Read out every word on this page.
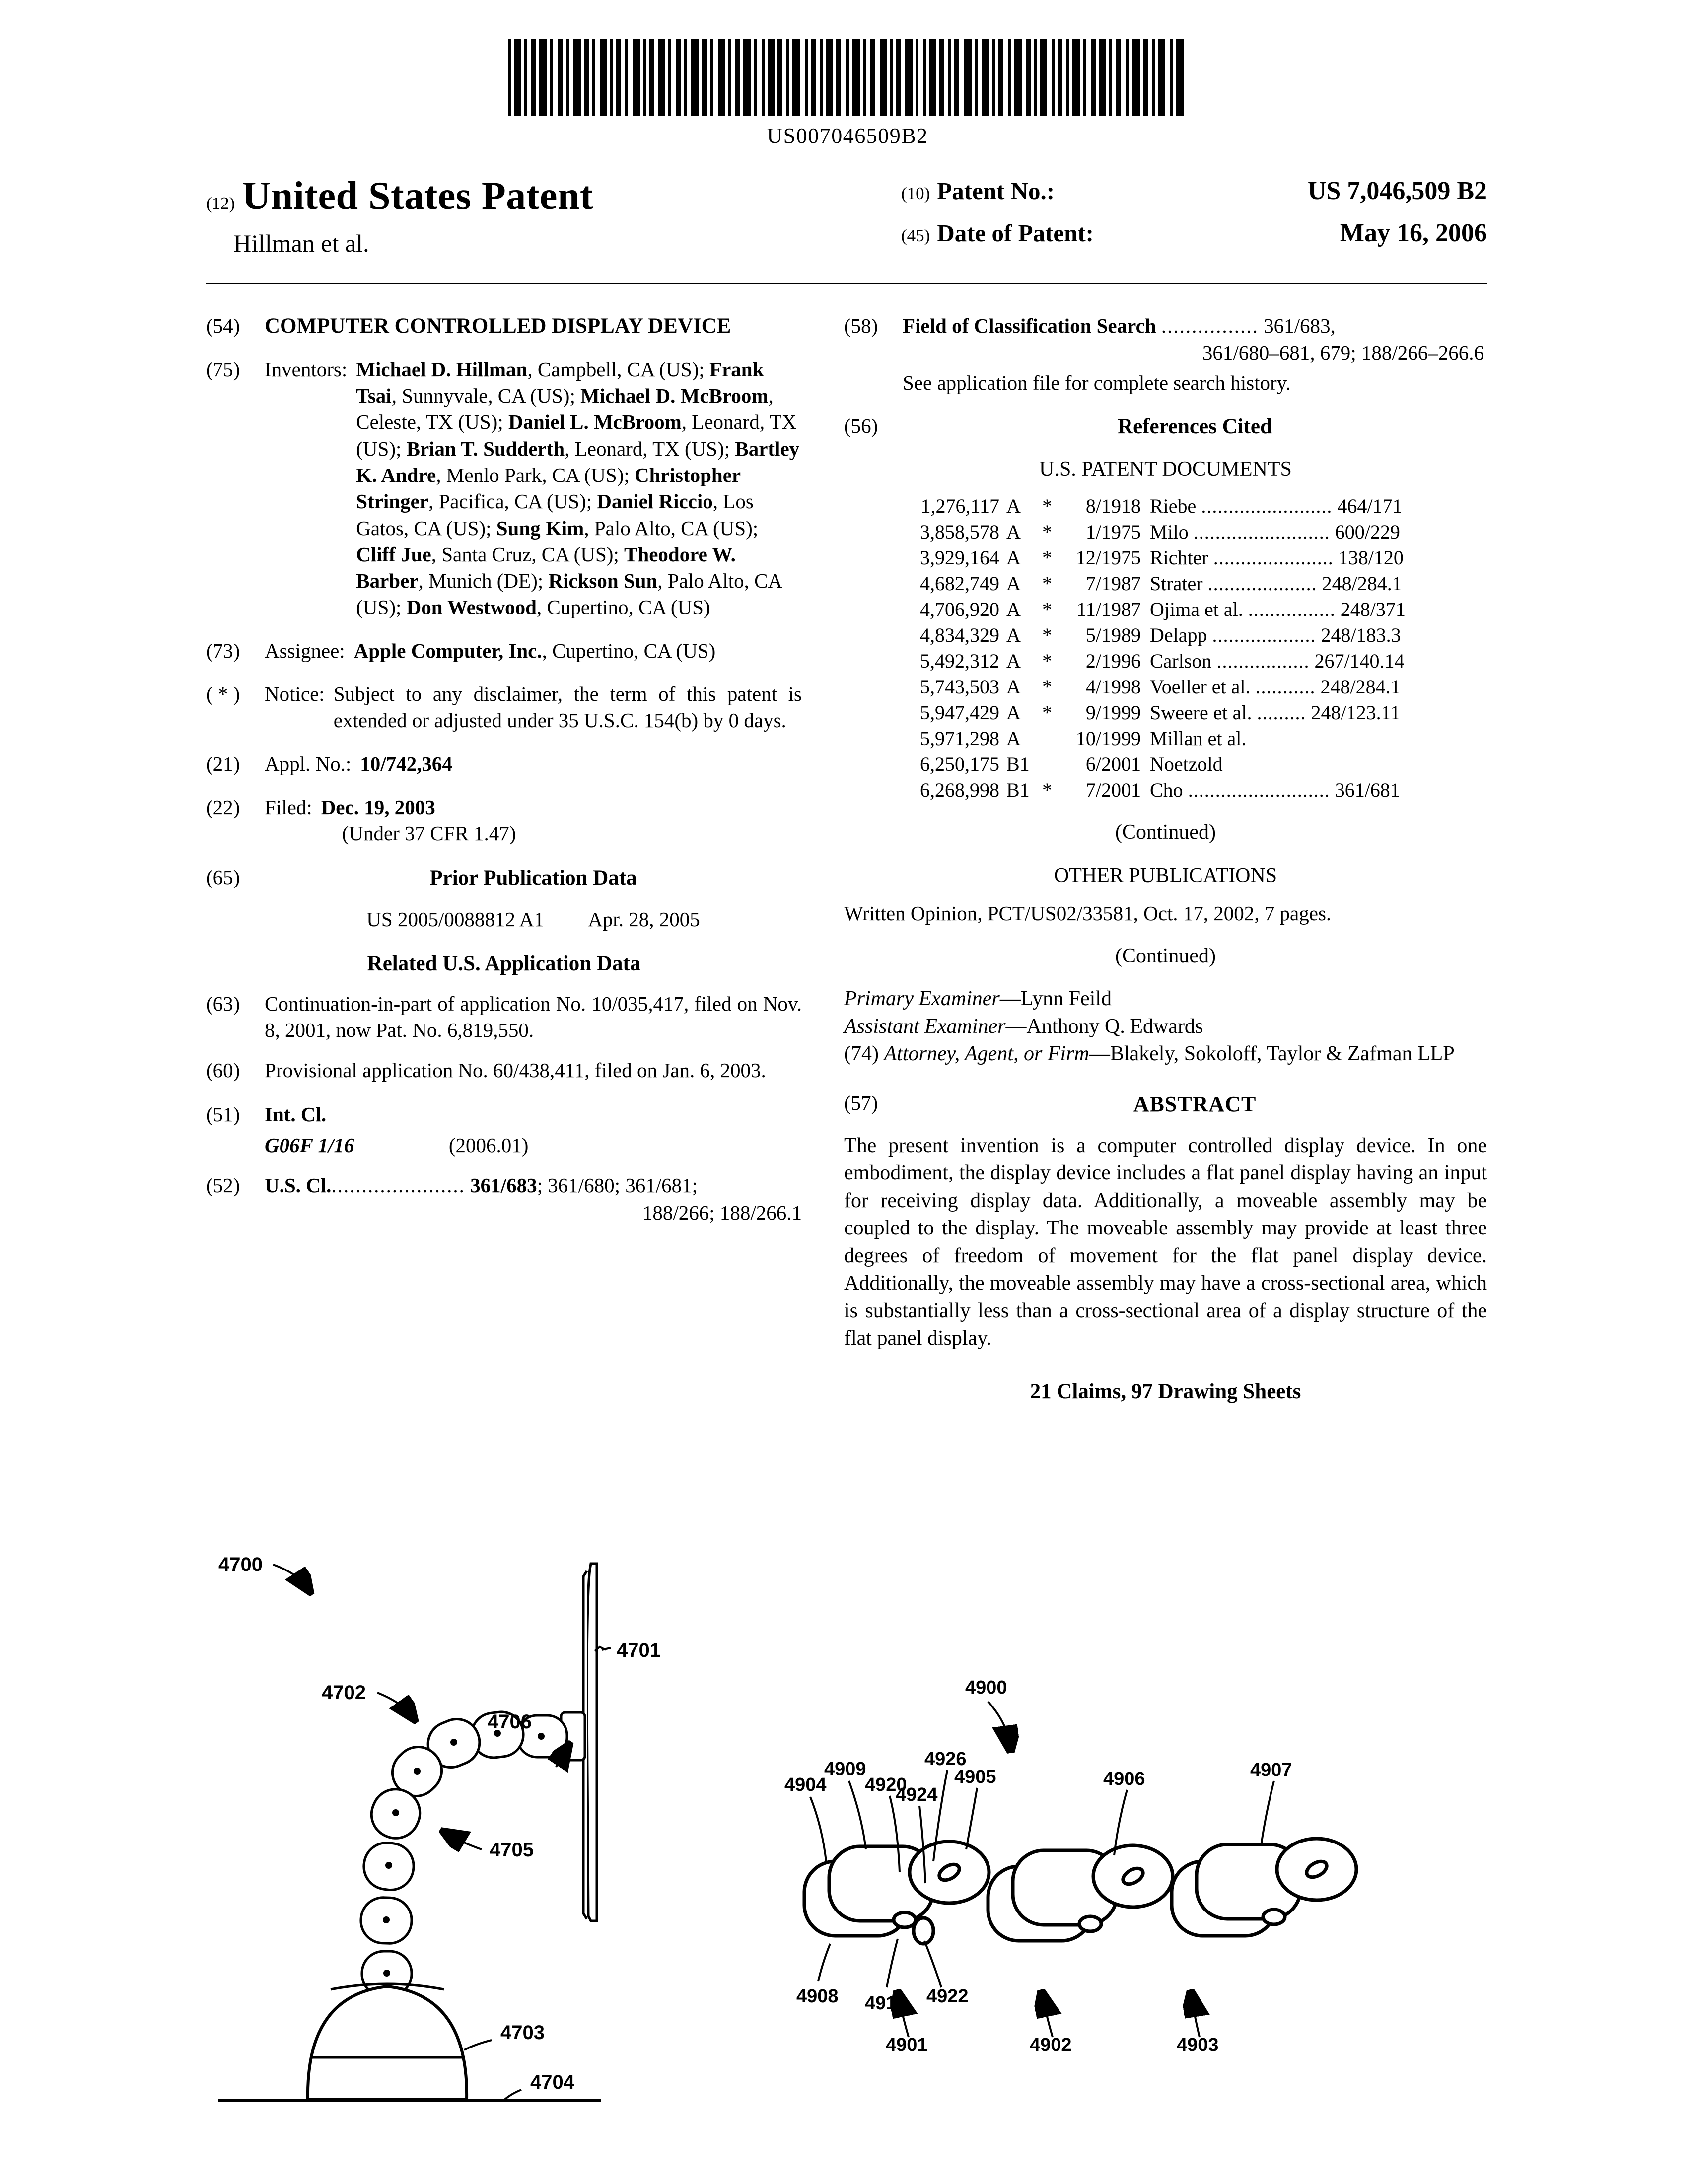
US007046509B2
(12) United States Patent
Hillman et al.
(10) Patent No.:	US 7,046,509 B2
(45) Date of Patent:	May 16, 2006
(54)	COMPUTER CONTROLLED DISPLAY DEVICE
(75)	Inventors: Michael D. Hillman, Campbell, CA (US); Frank Tsai, Sunnyvale, CA (US); Michael D. McBroom, Celeste, TX (US); Daniel L. McBroom, Leonard, TX (US); Brian T. Sudderth, Leonard, TX (US); Bartley K. Andre, Menlo Park, CA (US); Christopher Stringer, Pacifica, CA (US); Daniel Riccio, Los Gatos, CA (US); Sung Kim, Palo Alto, CA (US); Cliff Jue, Santa Cruz, CA (US); Theodore W. Barber, Munich (DE); Rickson Sun, Palo Alto, CA (US); Don Westwood, Cupertino, CA (US)
(73)	Assignee: Apple Computer, Inc., Cupertino, CA (US)
( * )	Notice: Subject to any disclaimer, the term of this patent is extended or adjusted under 35 U.S.C. 154(b) by 0 days.
(21)	Appl. No.: 10/742,364
(22)	Filed: Dec. 19, 2003
(Under 37 CFR 1.47)
(65)	Prior Publication Data
US 2005/0088812 A1 Apr. 28, 2005
Related U.S. Application Data
(63)	Continuation-in-part of application No. 10/035,417, filed on Nov. 8, 2001, now Pat. No. 6,819,550.
(60)	Provisional application No. 60/438,411, filed on Jan. 6, 2003.
(51)	Int. Cl.
G06F 1/16	(2006.01)
(52)	U.S. Cl....................... 361/683; 361/680; 361/681;
188/266; 188/266.1
(58)	Field of Classification Search ................ 361/683,
361/680–681, 679; 188/266–266.6
See application file for complete search history.
(56)	References Cited
U.S. PATENT DOCUMENTS
1,276,117 A	*	8/1918 Riebe ........................ 464/171
3,858,578 A	*	1/1975 Milo ......................... 600/229
3,929,164 A	*	12/1975 Richter ...................... 138/120
4,682,749 A	*	7/1987 Strater .................... 248/284.1
4,706,920 A	*	11/1987 Ojima et al. ................ 248/371
4,834,329 A	*	5/1989 Delapp ................... 248/183.3
5,492,312 A	*	2/1996 Carlson ................. 267/140.14
5,743,503 A	*	4/1998 Voeller et al. ........... 248/284.1
5,947,429 A	*	9/1999 Sweere et al. ......... 248/123.11
5,971,298 A	10/1999 Millan et al.
6,250,175 B1	6/2001 Noetzold
6,268,998 B1 *	7/2001 Cho .......................... 361/681
(Continued)
OTHER PUBLICATIONS
Written Opinion, PCT/US02/33581, Oct. 17, 2002, 7 pages.
(Continued)
Primary Examiner—Lynn Feild
Assistant Examiner—Anthony Q. Edwards
(74) Attorney, Agent, or Firm—Blakely, Sokoloff, Taylor & Zafman LLP
(57)	ABSTRACT
The present invention is a computer controlled display device. In one embodiment, the display device includes a flat panel display having an input for receiving display data. Additionally, a moveable assembly may be coupled to the display. The moveable assembly may provide at least three degrees of freedom of movement for the flat panel display device. Additionally, the moveable assembly may have a cross-sectional area, which is substantially less than a cross-sectional area of a display structure of the flat panel display.
21 Claims, 97 Drawing Sheets
4700
4701
4702
4706
4705
4703
4704
4900
4904
4909
4920
4924
4926
4905	4906	4907
4908 4910 4922
4901	4902	4903
